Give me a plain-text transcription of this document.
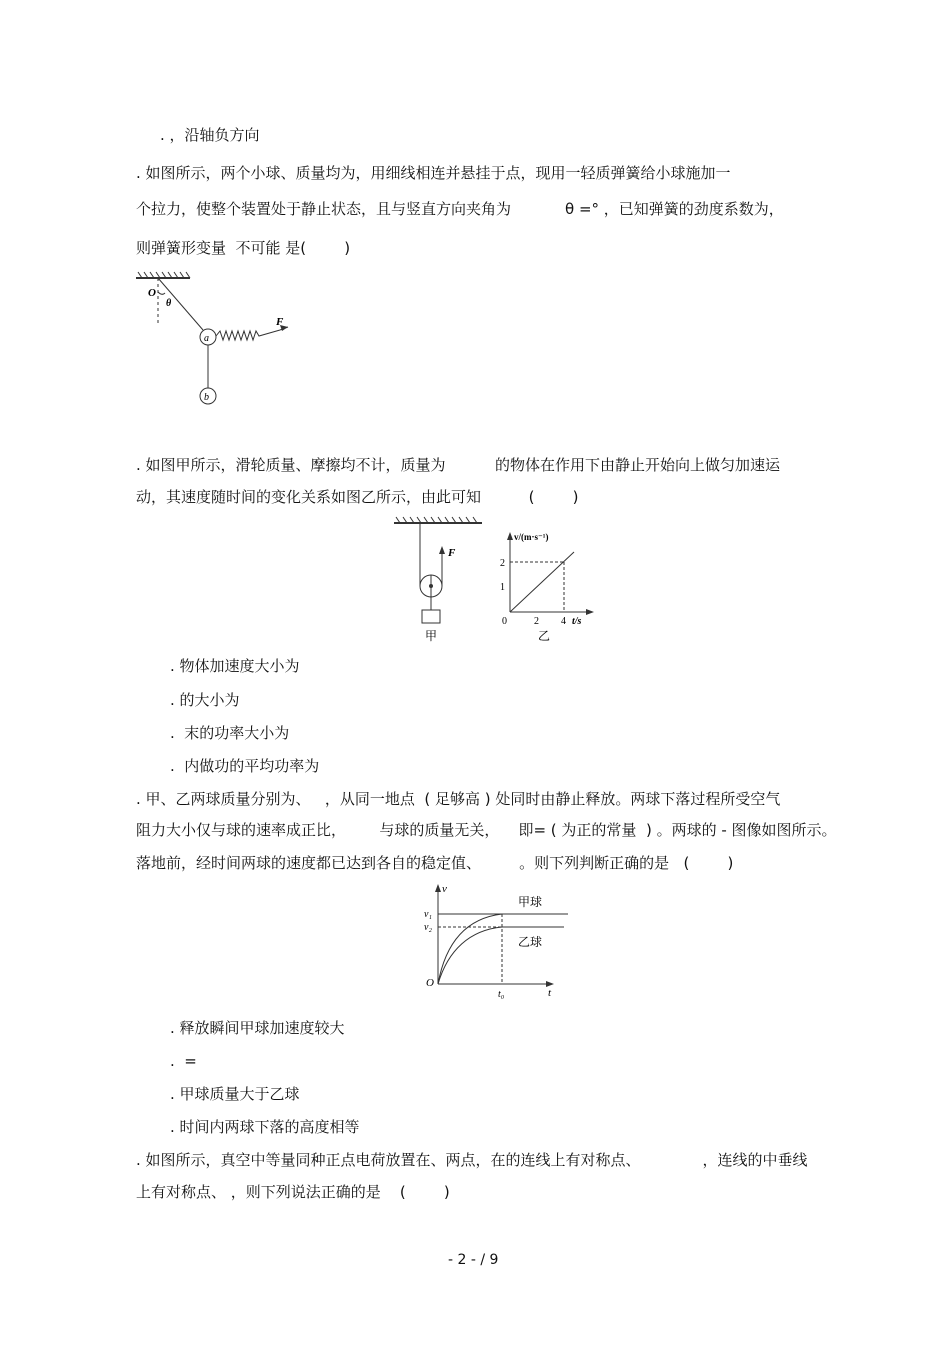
. ，沿轴负方向
. 如图所示，两个小球、质量均为，用细线相连并悬挂于点，现用一轻质弹簧给小球施加一
个拉力，使整个装置处于静止状态，且与竖直方向夹角为	θ =° ，已知弹簧的劲度系数为，
则弹簧形变量  不可能 是(        )
O
θ
a
b
F
. 如图甲所示，滑轮质量、摩擦均不计，质量为	的物体在作用下由静止开始向上做匀加速运
动，其速度随时间的变化关系如图乙所示，由此可知          (        )
F
甲
v/(m·s⁻¹)
2
1
0	2 4 t/s
乙
. 物体加速度大小为
. 的大小为
.  末的功率大小为
.  内做功的平均功率为
. 甲、乙两球质量分别为、   ，从同一地点  ( 足够高 ) 处同时由静止释放。两球下落过程所受空气
阻力大小仅与球的速率成正比，       与球的质量无关，    即= ( 为正的常量  ) 。两球的 - 图像如图所示。
落地前，经时间两球的速度都已达到各自的稳定值、        。则下列判断正确的是   (        )
v
v₁
v₂
O
t₀	t
甲球
乙球
. 释放瞬间甲球加速度较大
.  =
. 甲球质量大于乙球
. 时间内两球下落的高度相等
. 如图所示，真空中等量同种正点电荷放置在、两点，在的连线上有对称点、             ，连线的中垂线
上有对称点、 ，则下列说法正确的是    (        )
- 2 - / 9
